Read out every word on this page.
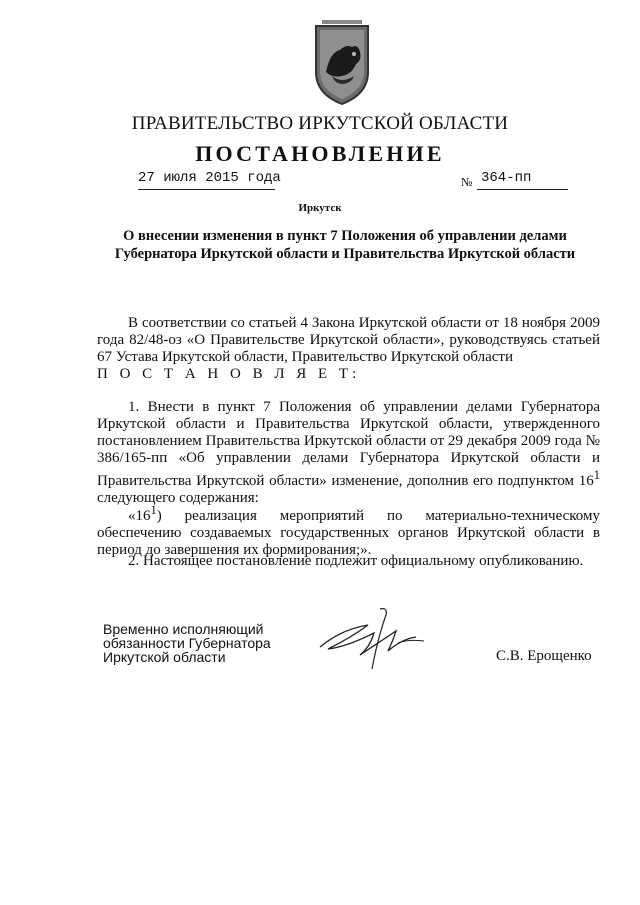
ПРАВИТЕЛЬСТВО ИРКУТСКОЙ ОБЛАСТИ
ПОСТАНОВЛЕНИЕ
27 июля 2015 года	№ 364-пп
Иркутск
О внесении изменения в пункт 7 Положения об управлении делами
Губернатора Иркутской области и Правительства Иркутской области
В соответствии со статьей 4 Закона Иркутской области от 18 ноября 2009 года 82/48-оз «О Правительстве Иркутской области», руководствуясь статьей 67 Устава Иркутской области, Правительство Иркутской области
П О С Т А Н О В Л Я Е Т:
1. Внести в пункт 7 Положения об управлении делами Губернатора Иркутской области и Правительства Иркутской области, утвержденного постановлением Правительства Иркутской области от 29 декабря 2009 года № 386/165-пп «Об управлении делами Губернатора Иркутской области и Правительства Иркутской области» изменение, дополнив его подпунктом $16^1$ следующего содержания:
«$16^1$) реализация мероприятий по материально-техническому обеспечению создаваемых государственных органов Иркутской области в период до завершения их формирования;».
2. Настоящее постановление подлежит официальному опубликованию.
Временно исполняющий
обязанности Губернатора
Иркутской области	С.В. Ерощенко
